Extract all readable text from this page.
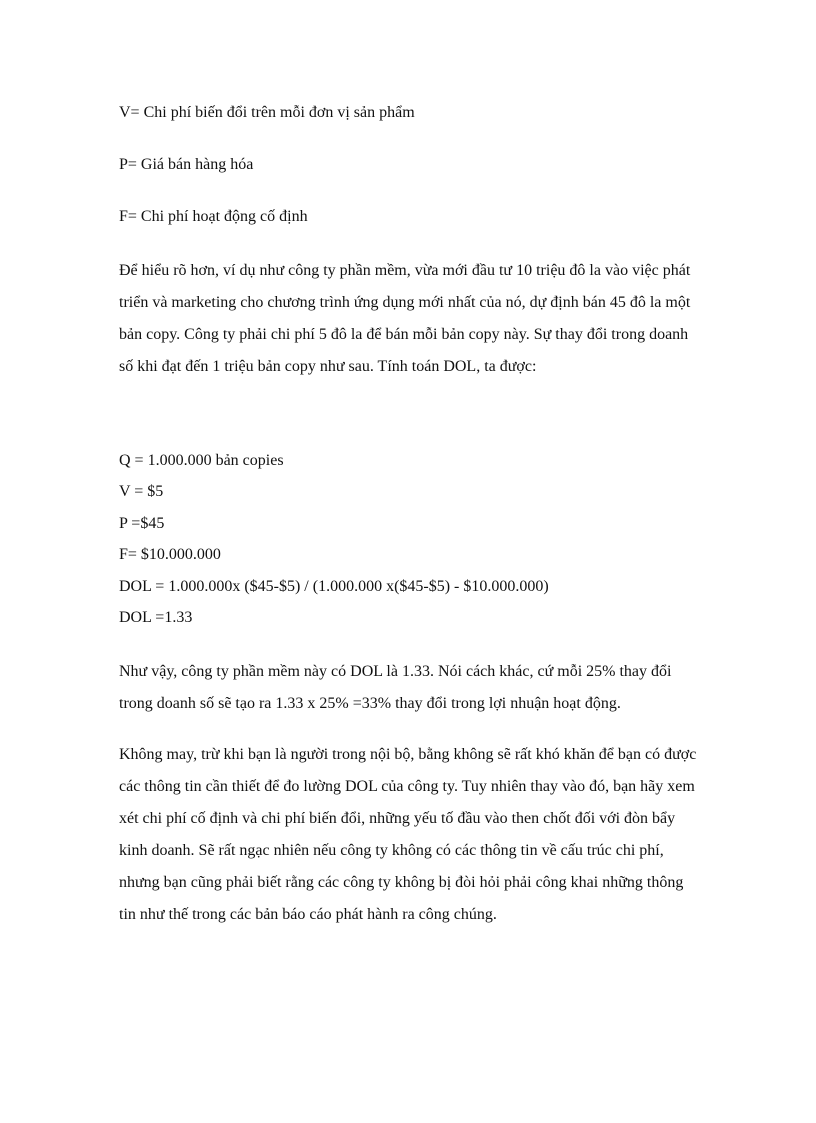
V= Chi phí biến đổi trên mỗi đơn vị sản phẩm
P= Giá bán hàng hóa
F= Chi phí hoạt động cố định

Để hiểu rõ hơn, ví dụ như công ty phần mềm, vừa mới đầu tư 10 triệu đô la vào việc phát triển và marketing cho chương trình ứng dụng mới nhất của nó, dự định bán 45 đô la một bản copy. Công ty phải chi phí 5 đô la để bán mỗi bản copy này. Sự thay đổi trong doanh số khi đạt đến 1 triệu bản copy như sau. Tính toán DOL, ta được:

Q = 1.000.000 bản copies
V = $5
P =$45
F= $10.000.000
DOL = 1.000.000x ($45-$5) / (1.000.000 x($45-$5) - $10.000.000)
DOL =1.33

Như vậy, công ty phần mềm này có DOL là 1.33. Nói cách khác, cứ mỗi 25% thay đổi trong doanh số sẽ tạo ra 1.33 x 25% =33% thay đổi trong lợi nhuận hoạt động.

Không may, trừ khi bạn là người trong nội bộ, bằng không sẽ rất khó khăn để bạn có được các thông tin cần thiết để đo lường DOL của công ty. Tuy nhiên thay vào đó, bạn hãy xem xét chi phí cố định và chi phí biến đổi, những yếu tố đầu vào then chốt đối với đòn bẩy kinh doanh. Sẽ rất ngạc nhiên nếu công ty không có các thông tin về cấu trúc chi phí, nhưng bạn cũng phải biết rằng các công ty không bị đòi hỏi phải công khai những thông tin như thế trong các bản báo cáo phát hành ra công chúng.
